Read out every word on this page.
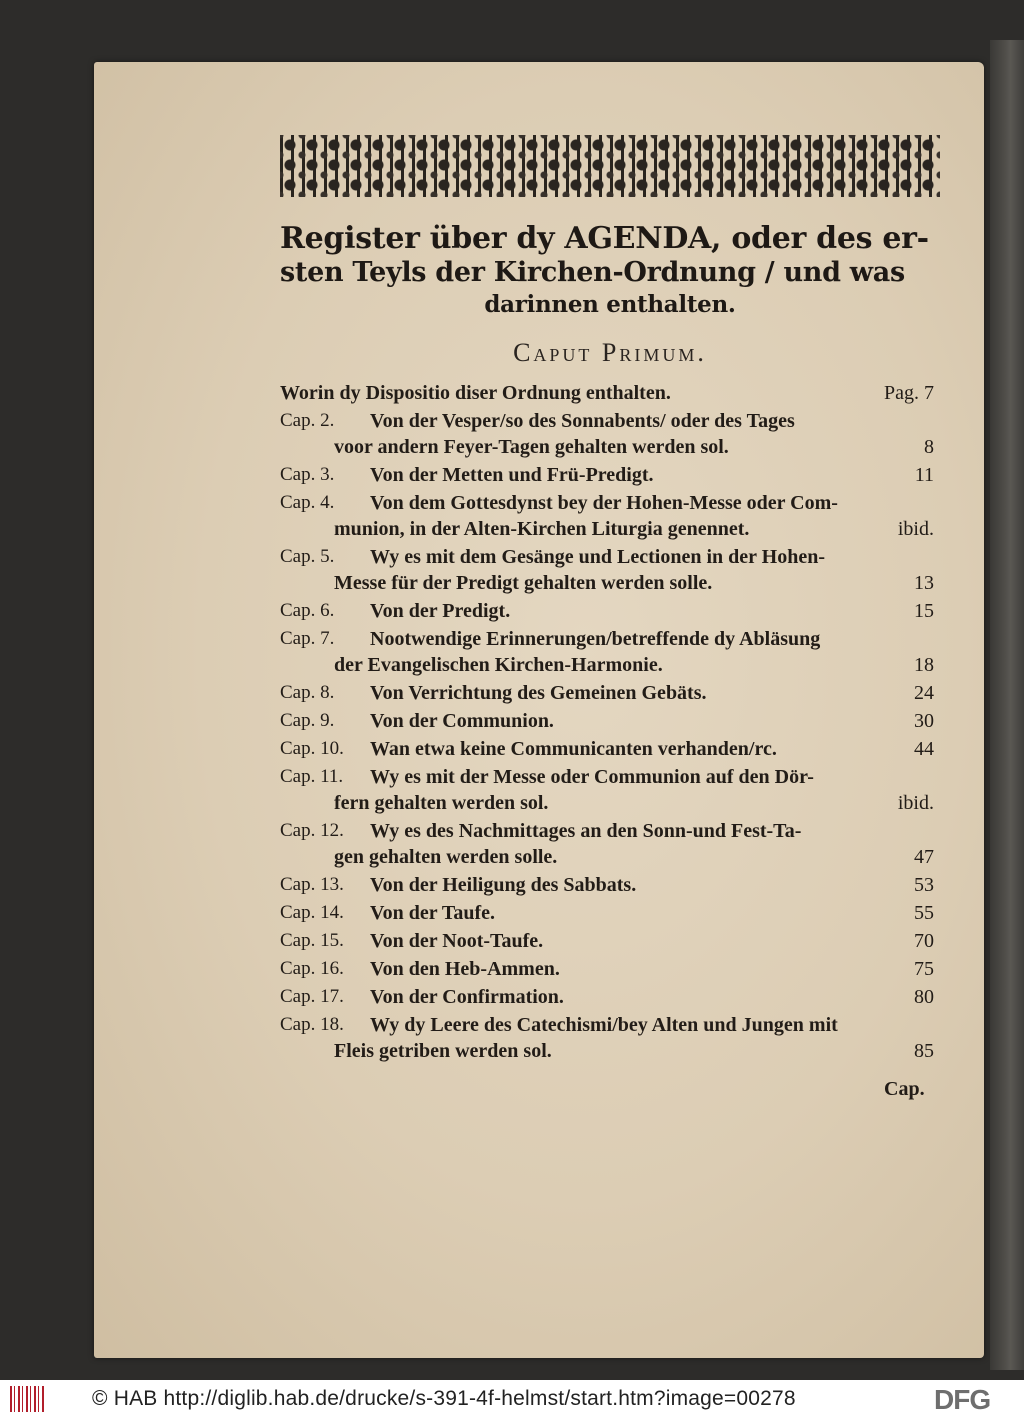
Register über dy AGENDA, oder des er-
sten Teyls der Kirchen-Ordnung / und was
darinnen enthalten.
Caput Primum.
Worin dy Dispositio diser Ordnung enthalten.	Pag. 7
Cap. 2.	Von der Vesper/so des Sonnabents/ oder des Tages
voor andern Feyer-Tagen gehalten werden sol.	8
Cap. 3.	Von der Metten und Frü-Predigt.	11
Cap. 4.	Von dem Gottesdynst bey der Hohen-Messe oder Com-
munion, in der Alten-Kirchen Liturgia genennet.	ibid.
Cap. 5.	Wy es mit dem Gesänge und Lectionen in der Hohen-
Messe für der Predigt gehalten werden solle.	13
Cap. 6.	Von der Predigt.	15
Cap. 7.	Nootwendige Erinnerungen/betreffende dy Abläsung
der Evangelischen Kirchen-Harmonie.	18
Cap. 8.	Von Verrichtung des Gemeinen Gebäts.	24
Cap. 9.	Von der Communion.	30
Cap. 10.	Wan etwa keine Communicanten verhanden/rc.	44
Cap. 11.	Wy es mit der Messe oder Communion auf den Dör-
fern gehalten werden sol.	ibid.
Cap. 12.	Wy es des Nachmittages an den Sonn-und Fest-Ta-
gen gehalten werden solle.	47
Cap. 13.	Von der Heiligung des Sabbats.	53
Cap. 14.	Von der Taufe.	55
Cap. 15.	Von der Noot-Taufe.	70
Cap. 16.	Von den Heb-Ammen.	75
Cap. 17.	Von der Confirmation.	80
Cap. 18.	Wy dy Leere des Catechismi/bey Alten und Jungen mit
Fleis getriben werden sol.	85
Cap.
© HAB http://diglib.hab.de/drucke/s-391-4f-helmst/start.htm?image=00278	DFG
